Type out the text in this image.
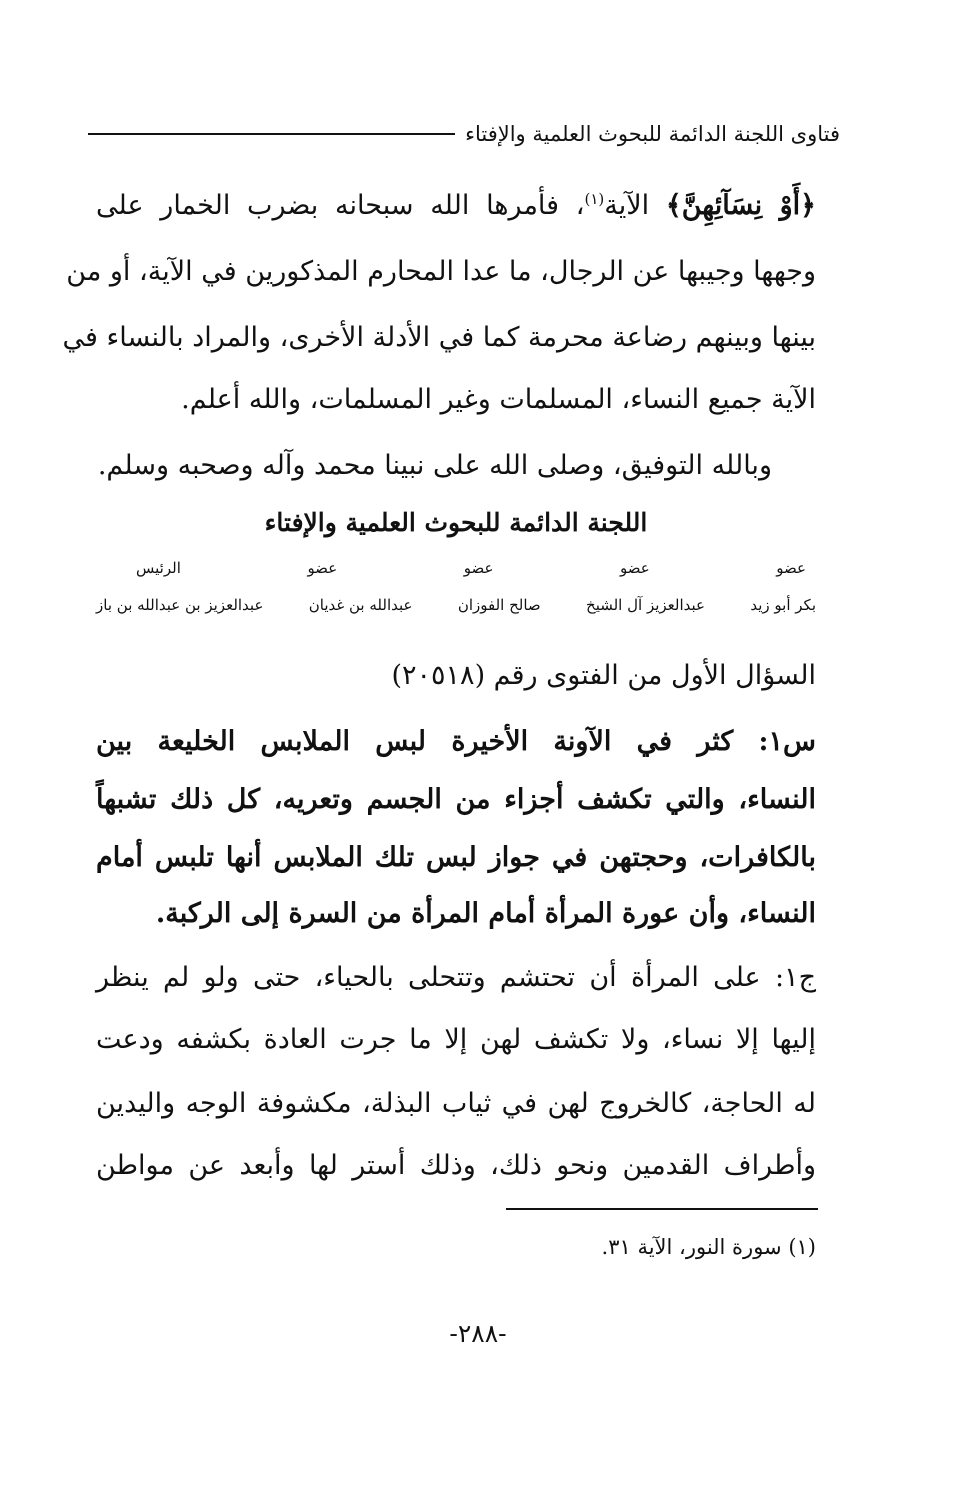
فتاوى اللجنة الدائمة للبحوث العلمية والإفتاء
﴿أَوْ نِسَآئِهِنَّ﴾ الآية$^{(١)}$، فأمرها الله سبحانه بضرب الخمار على
وجهها وجيبها عن الرجال، ما عدا المحارم المذكورين في الآية، أو من
بينها وبينهم رضاعة محرمة كما في الأدلة الأخرى، والمراد بالنساء في
الآية جميع النساء، المسلمات وغير المسلمات، والله أعلم.
وبالله التوفيق، وصلى الله على نبينا محمد وآله وصحبه وسلم.
اللجنة الدائمة للبحوث العلمية والإفتاء
عضو
عضو
عضو
عضو
الرئيس
بكر أبو زيد
عبدالعزيز آل الشيخ
صالح الفوزان
عبدالله بن غديان
عبدالعزيز بن عبدالله بن باز
السؤال الأول من الفتوى رقم (٢٠٥١٨)
س١: كثر في الآونة الأخيرة لبس الملابس الخليعة بين
النساء، والتي تكشف أجزاء من الجسم وتعريه، كل ذلك تشبهاً
بالكافرات، وحجتهن في جواز لبس تلك الملابس أنها تلبس أمام
النساء، وأن عورة المرأة أمام المرأة من السرة إلى الركبة.
ج١: على المرأة أن تحتشم وتتحلى بالحياء، حتى ولو لم ينظر
إليها إلا نساء، ولا تكشف لهن إلا ما جرت العادة بكشفه ودعت
له الحاجة، كالخروج لهن في ثياب البذلة، مكشوفة الوجه واليدين
وأطراف القدمين ونحو ذلك، وذلك أستر لها وأبعد عن مواطن
(١) سورة النور، الآية ٣١.
-٢٨٨-
